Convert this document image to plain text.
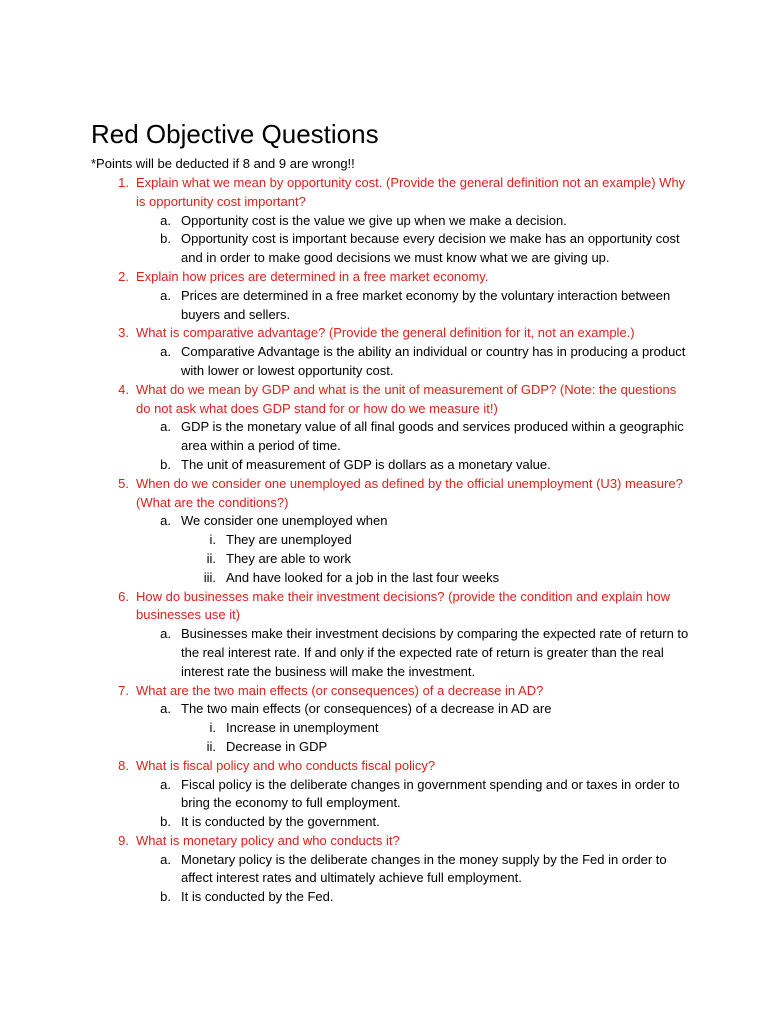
Red Objective Questions
*Points will be deducted if 8 and 9 are wrong!!
1. Explain what we mean by opportunity cost. (Provide the general definition not an example) Why is opportunity cost important?
a. Opportunity cost is the value we give up when we make a decision.
b. Opportunity cost is important because every decision we make has an opportunity cost and in order to make good decisions we must know what we are giving up.
2. Explain how prices are determined in a free market economy.
a. Prices are determined in a free market economy by the voluntary interaction between buyers and sellers.
3. What is comparative advantage? (Provide the general definition for it, not an example.)
a. Comparative Advantage is the ability an individual or country has in producing a product with lower or lowest opportunity cost.
4. What do we mean by GDP and what is the unit of measurement of GDP? (Note: the questions do not ask what does GDP stand for or how do we measure it!)
a. GDP is the monetary value of all final goods and services produced within a geographic area within a period of time.
b. The unit of measurement of GDP is dollars as a monetary value.
5. When do we consider one unemployed as defined by the official unemployment (U3) measure? (What are the conditions?)
a. We consider one unemployed when
i. They are unemployed
ii. They are able to work
iii. And have looked for a job in the last four weeks
6. How do businesses make their investment decisions? (provide the condition and explain how businesses use it)
a. Businesses make their investment decisions by comparing the expected rate of return to the real interest rate. If and only if the expected rate of return is greater than the real interest rate the business will make the investment.
7. What are the two main effects (or consequences) of a decrease in AD?
a. The two main effects (or consequences) of a decrease in AD are
i. Increase in unemployment
ii. Decrease in GDP
8. What is fiscal policy and who conducts fiscal policy?
a. Fiscal policy is the deliberate changes in government spending and or taxes in order to bring the economy to full employment.
b. It is conducted by the government.
9. What is monetary policy and who conducts it?
a. Monetary policy is the deliberate changes in the money supply by the Fed in order to affect interest rates and ultimately achieve full employment.
b. It is conducted by the Fed.
